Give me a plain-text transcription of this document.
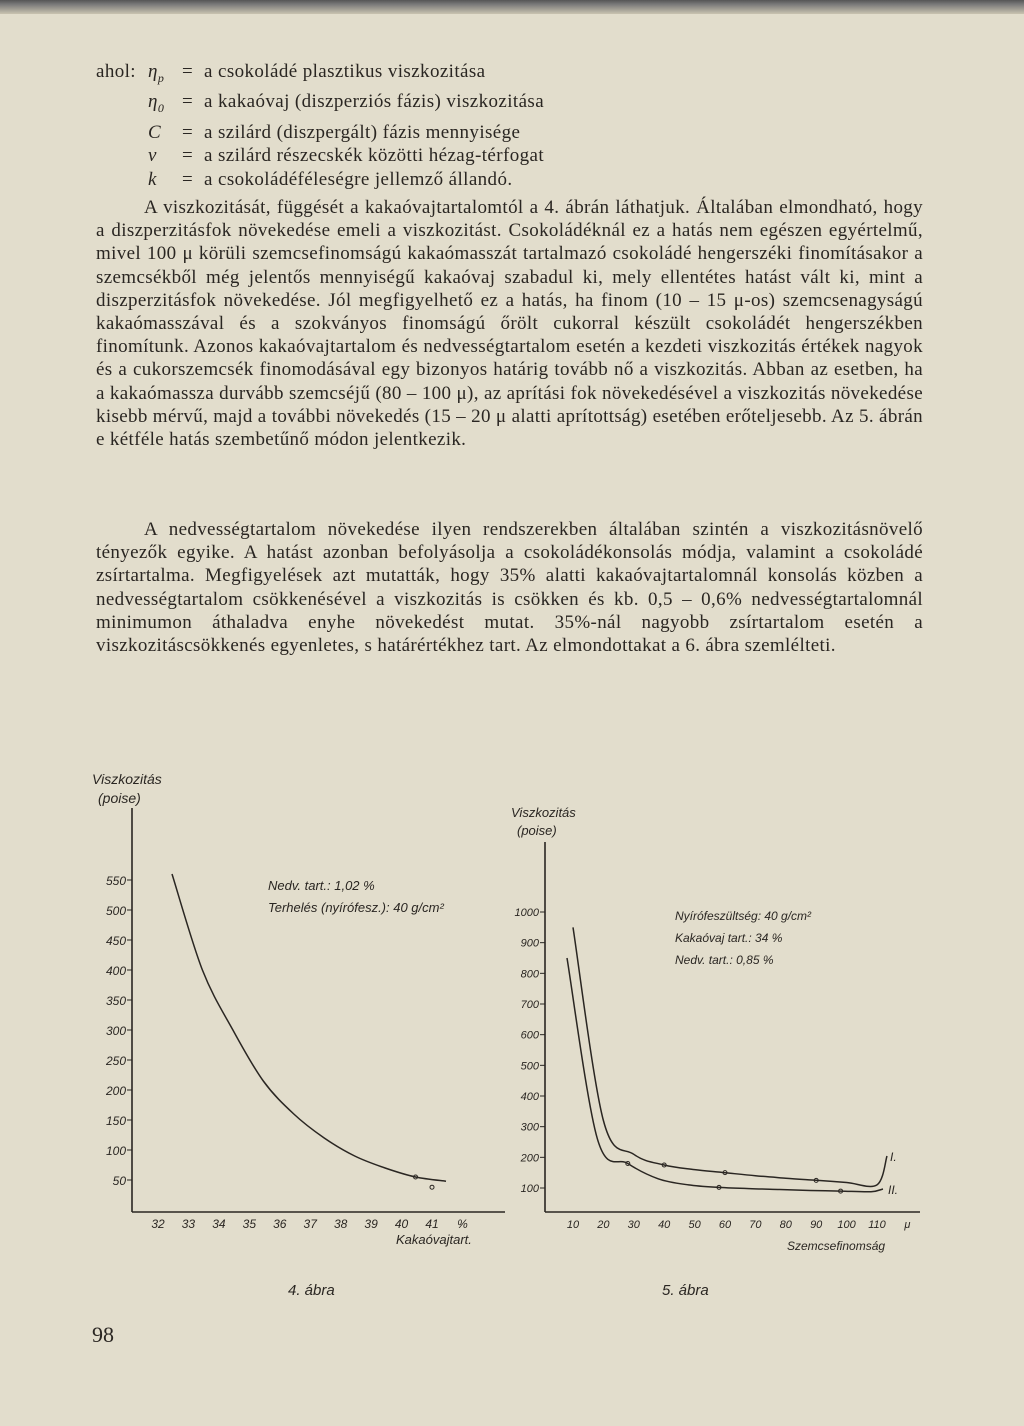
ahol: $\eta_p = a$ csokoládé plasztikus viszkozitása
$\eta_0 = a$ kakaóvaj (diszperziós fázis) viszkozitása
C	= a szilárd (diszpergált) fázis mennyisége
v	= a szilárd részecskék közötti hézag-térfogat
k	= a csokoládéféleségre jellemző állandó.

A viszkozitását, függését a kakaóvajtartalomtól a 4. ábrán láthatjuk. Általában elmondható, hogy a diszperzitásfok növekedése emeli a viszkozitást. Csokoládéknál ez a hatás nem egészen egyértelmű, mivel 100 μ körüli szemcsefinomságú kakaómasszát tartalmazó csokoládé hengerszéki finomításakor a szemcsékből még jelentős mennyiségű kakaóvaj szabadul ki, mely ellentétes hatást vált ki, mint a diszperzitásfok növekedése. Jól megfigyelhető ez a hatás, ha finom (10 – 15 μ-os) szemcsenagyságú kakaómasszával és a szokványos finomságú őrölt cukorral készült csokoládét hengerszékben finomítunk. Azonos kakaóvajtartalom és nedvességtartalom esetén a kezdeti viszkozitás értékek nagyok és a cukorszemcsék finomodásával egy bizonyos határig tovább nő a viszkozitás. Abban az esetben, ha a kakaómassza durvább szemcséjű (80 – 100 μ), az aprítási fok növekedésével a viszkozitás növekedése kisebb mérvű, majd a további növekedés (15 – 20 μ alatti aprítottság) esetében erőteljesebb. Az 5. ábrán e kétféle hatás szembetűnő módon jelentkezik.

A nedvességtartalom növekedése ilyen rendszerekben általában szintén a viszkozitásnövelő tényezők egyike. A hatást azonban befolyásolja a csokoládékonsolás módja, valamint a csokoládé zsírtartalma. Megfigyelések azt mutatták, hogy 35% alatti kakaóvajtartalomnál konsolás közben a nedvességtartalom csökkenésével a viszkozitás is csökken és kb. 0,5 – 0,6% nedvességtartalomnál minimumon áthaladva enyhe növekedést mutat. 35%-nál nagyobb zsírtartalom esetén a viszkozitáscsökkenés egyenletes, s határértékhez tart. Az elmondottakat a 6. ábra szemlélteti.

Viszkozitás
(poise)
550
500
450
400
350
300
250
200
150
100
50
32 33 34 35 36 37 38 39 40 41 %
Nedv. tart.: 1,02 %
Terhelés (nyírófesz.): 40 g/cm²
Kakaóvajtart.
4. ábra
Viszkozitás
(poise)
1000
900
800
700
600
500
400
300
200
100
10 20 30 40 50 60 70 80 90 100 110 μ
I.
II.
Nyírófeszültség: 40 g/cm²
Kakaóvaj tart.: 34 %
Nedv. tart.: 0,85 %
Szemcsefinomság
5. ábra
98
